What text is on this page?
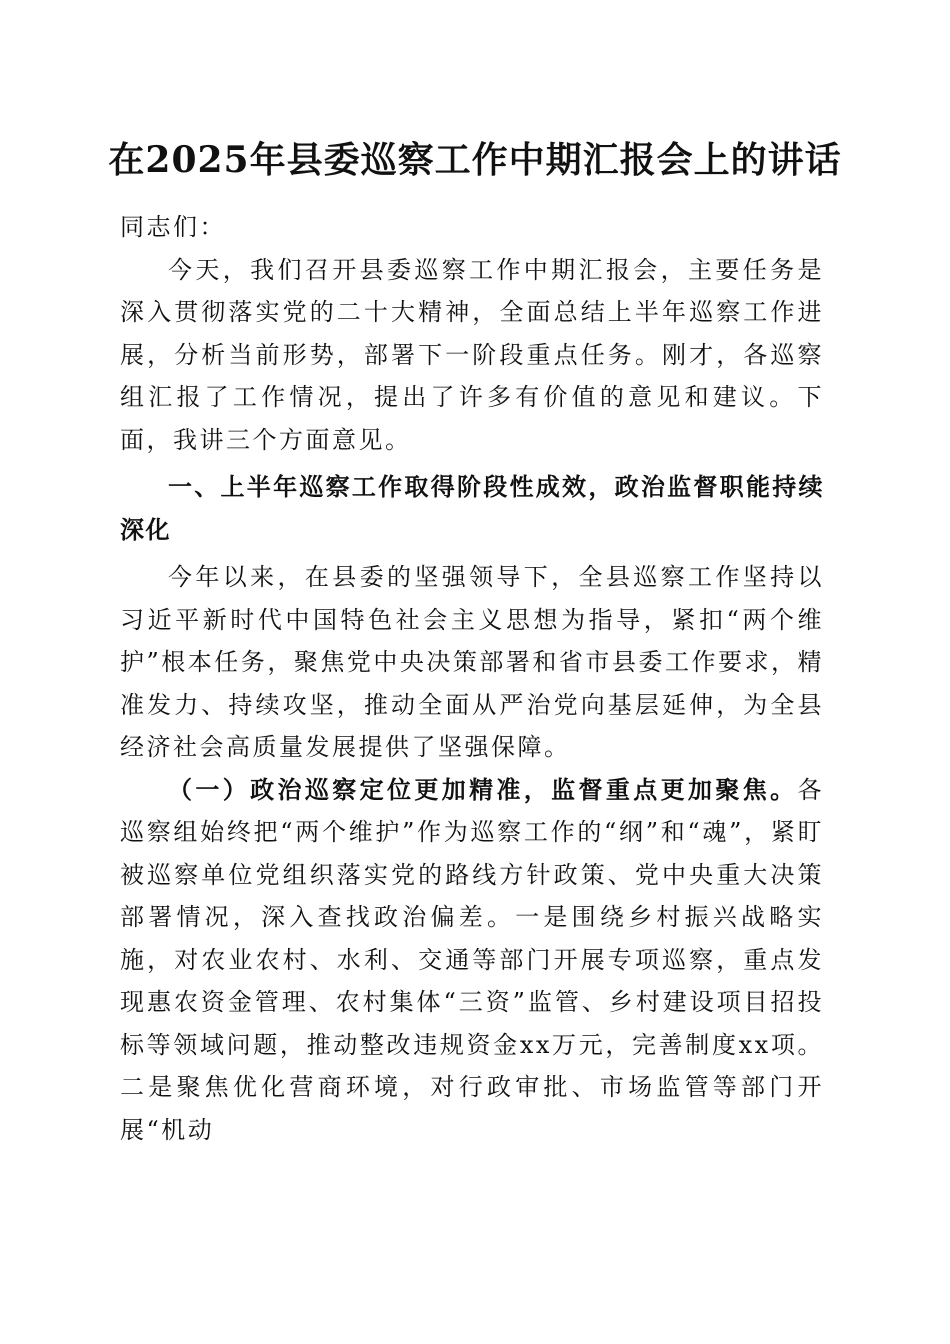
在2025年县委巡察工作中期汇报会上的讲话

同志们：

今天，我们召开县委巡察工作中期汇报会，主要任务是深入贯彻落实党的二十大精神，全面总结上半年巡察工作进展，分析当前形势，部署下一阶段重点任务。刚才，各巡察组汇报了工作情况，提出了许多有价值的意见和建议。下面，我讲三个方面意见。

一、上半年巡察工作取得阶段性成效，政治监督职能持续深化

今年以来，在县委的坚强领导下，全县巡察工作坚持以习近平新时代中国特色社会主义思想为指导，紧扣“两个维护”根本任务，聚焦党中央决策部署和省市县委工作要求，精准发力、持续攻坚，推动全面从严治党向基层延伸，为全县经济社会高质量发展提供了坚强保障。

（一）政治巡察定位更加精准，监督重点更加聚焦。各巡察组始终把“两个维护”作为巡察工作的“纲”和“魂”，紧盯被巡察单位党组织落实党的路线方针政策、党中央重大决策部署情况，深入查找政治偏差。一是围绕乡村振兴战略实施，对农业农村、水利、交通等部门开展专项巡察，重点发现惠农资金管理、农村集体“三资”监管、乡村建设项目招投标等领域问题，推动整改违规资金xx万元，完善制度xx项。二是聚焦优化营商环境，对行政审批、市场监管等部门开展“机动
